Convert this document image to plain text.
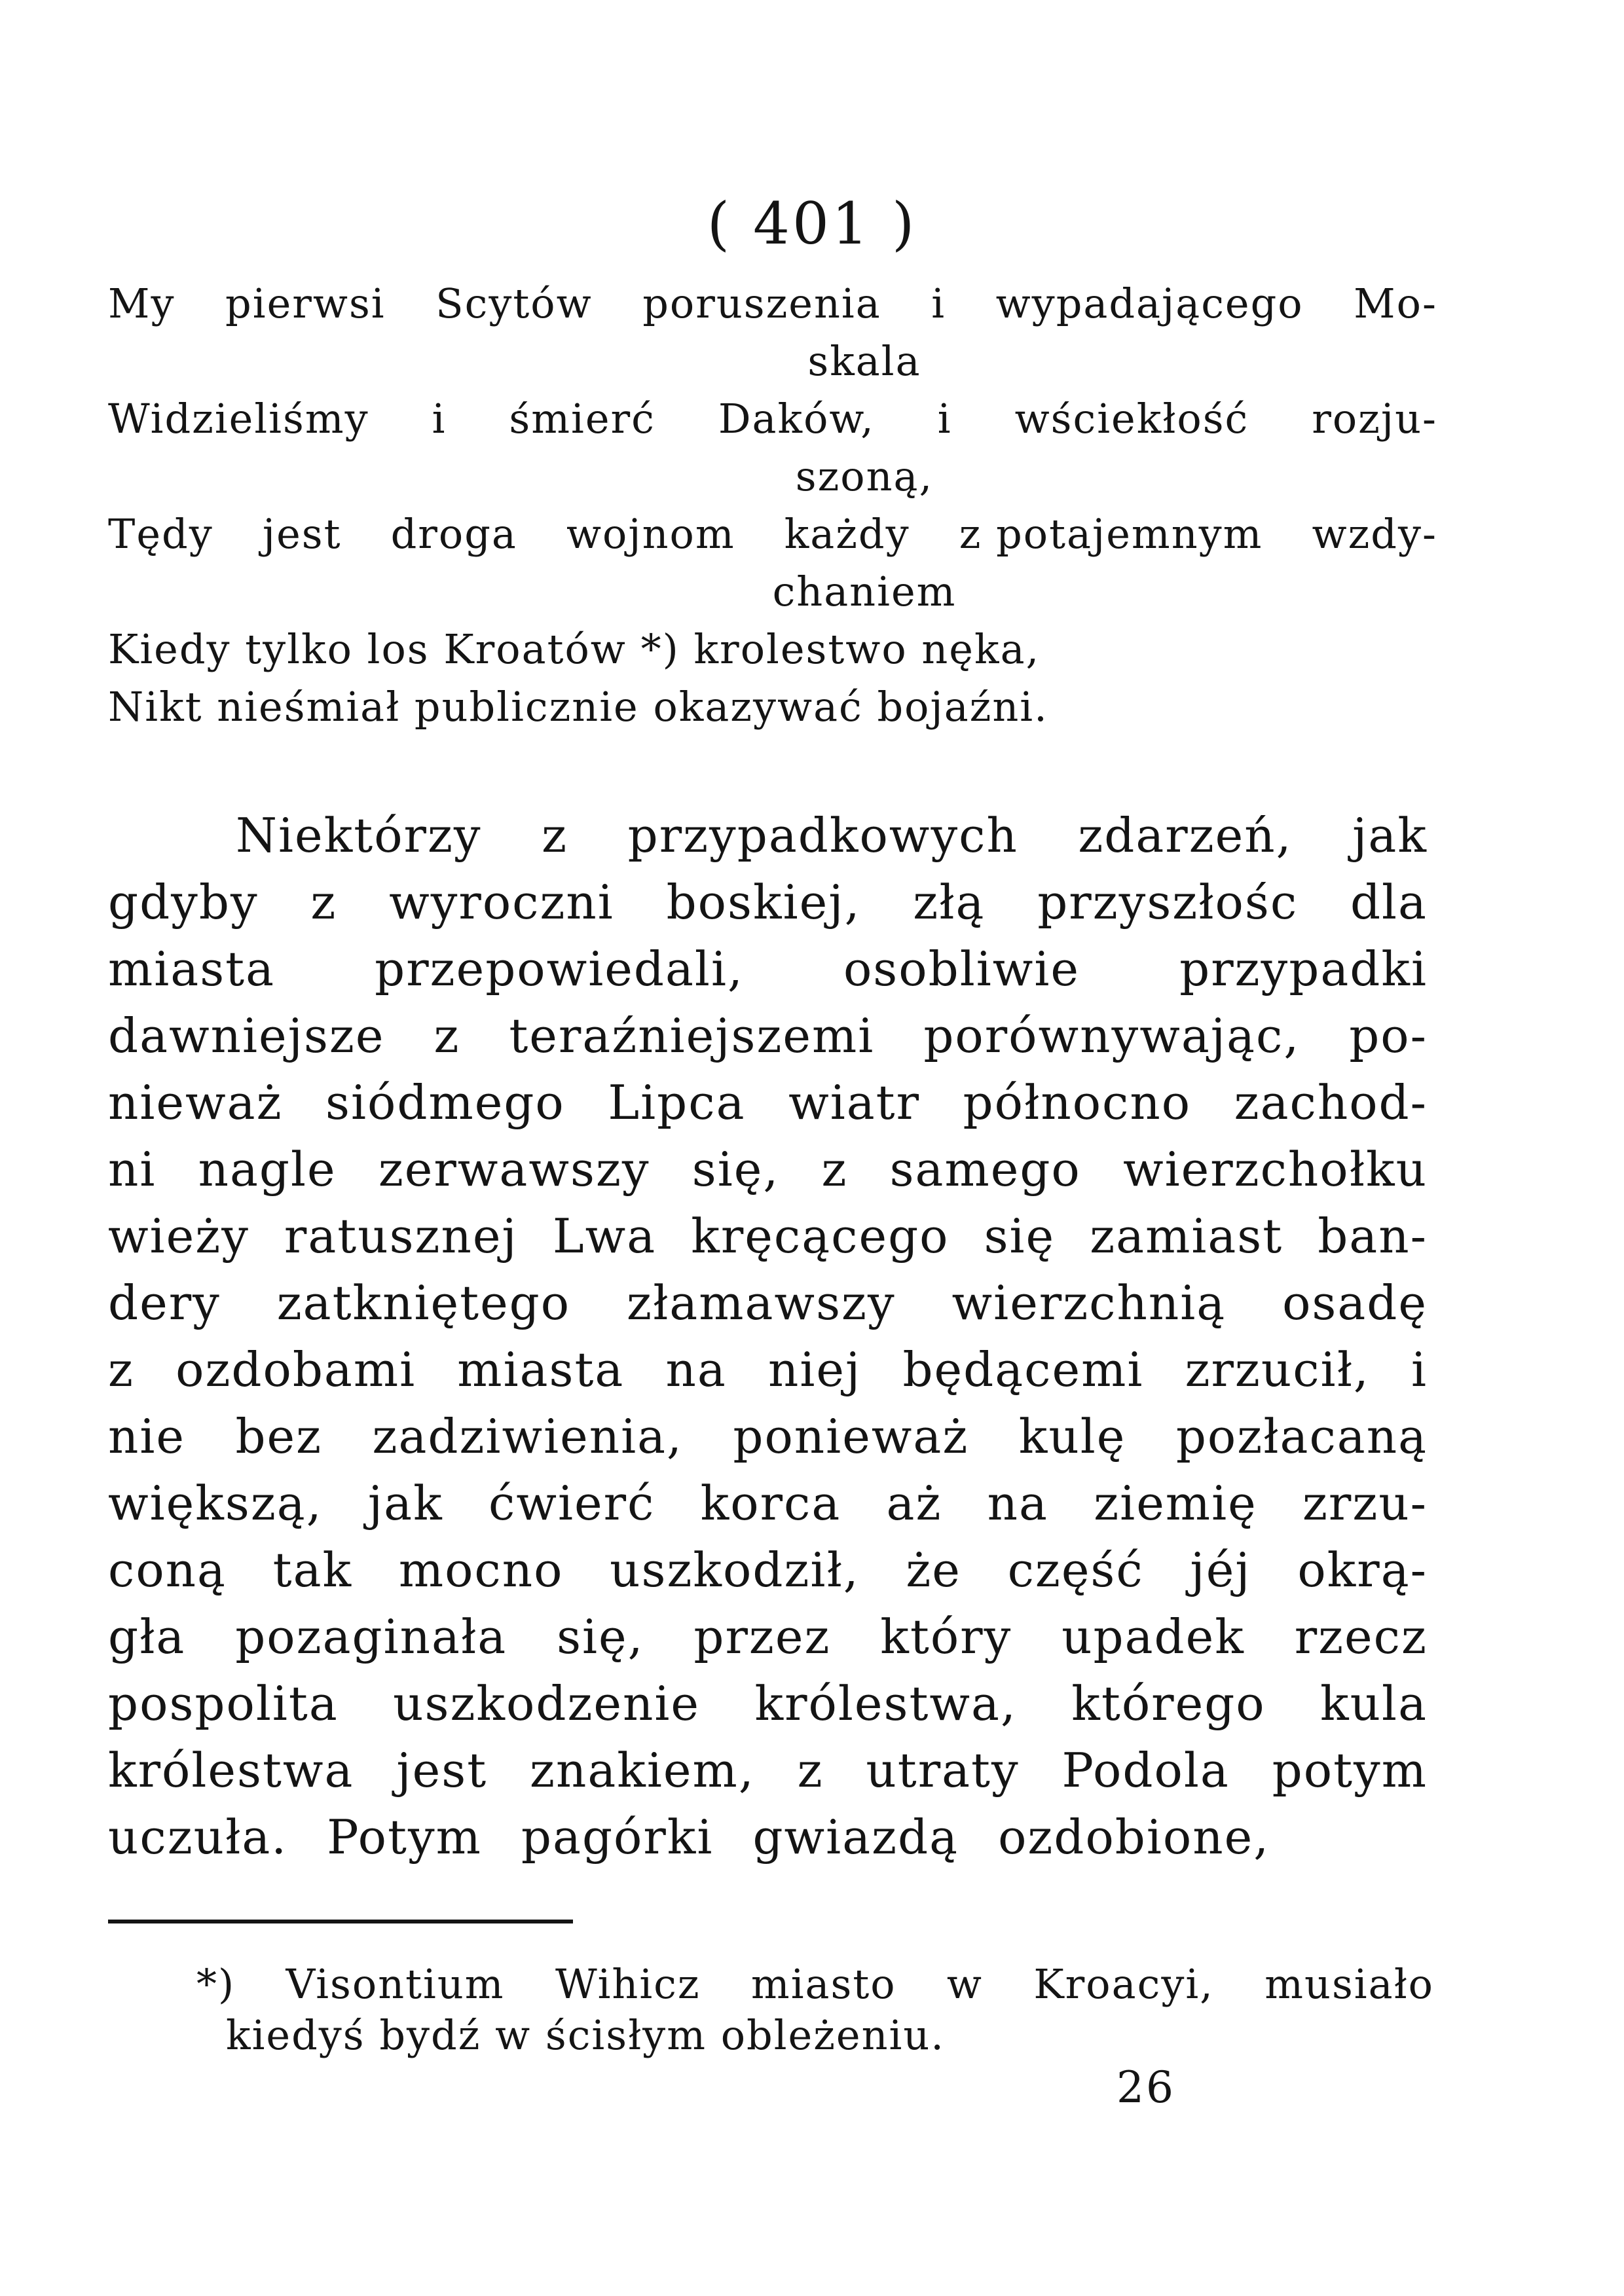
( 401 )
My pierwsi Scytów poruszenia i wypadającego Mo-
skala
Widzieliśmy i śmierć Daków, i wściekłość rozju-
szoną,
Tędy jest droga wojnom każdy z potajemnym wzdy-
chaniem
Kiedy tylko los Kroatów *) krolestwo nęka,
Nikt nieśmiał publicznie okazywać bojaźni.
Niektórzy z przypadkowych zdarzeń, jak
gdyby z wyroczni boskiej, złą przyszłośc dla
miasta przepowiedali, osobliwie przypadki
dawniejsze z teraźniejszemi porównywając, po-
nieważ siódmego Lipca wiatr północno zachod-
ni nagle zerwawszy się, z samego wierzchołku
wieży ratusznej Lwa kręcącego się zamiast ban-
dery zatkniętego złamawszy wierzchnią osadę
z ozdobami miasta na niej będącemi zrzucił, i
nie bez zadziwienia, ponieważ kulę pozłacaną
większą, jak ćwierć korca aż na ziemię zrzu-
coną tak mocno uszkodził, że część jéj okrą-
gła pozaginała się, przez który upadek rzecz
pospolita uszkodzenie królestwa, którego kula
królestwa jest znakiem, z utraty Podola potym
uczuła. Potym pagórki gwiazdą ozdobione,
*) Visontium Wihicz miasto w Kroacyi, musiało
kiedyś bydź w ścisłym obleżeniu.
26
